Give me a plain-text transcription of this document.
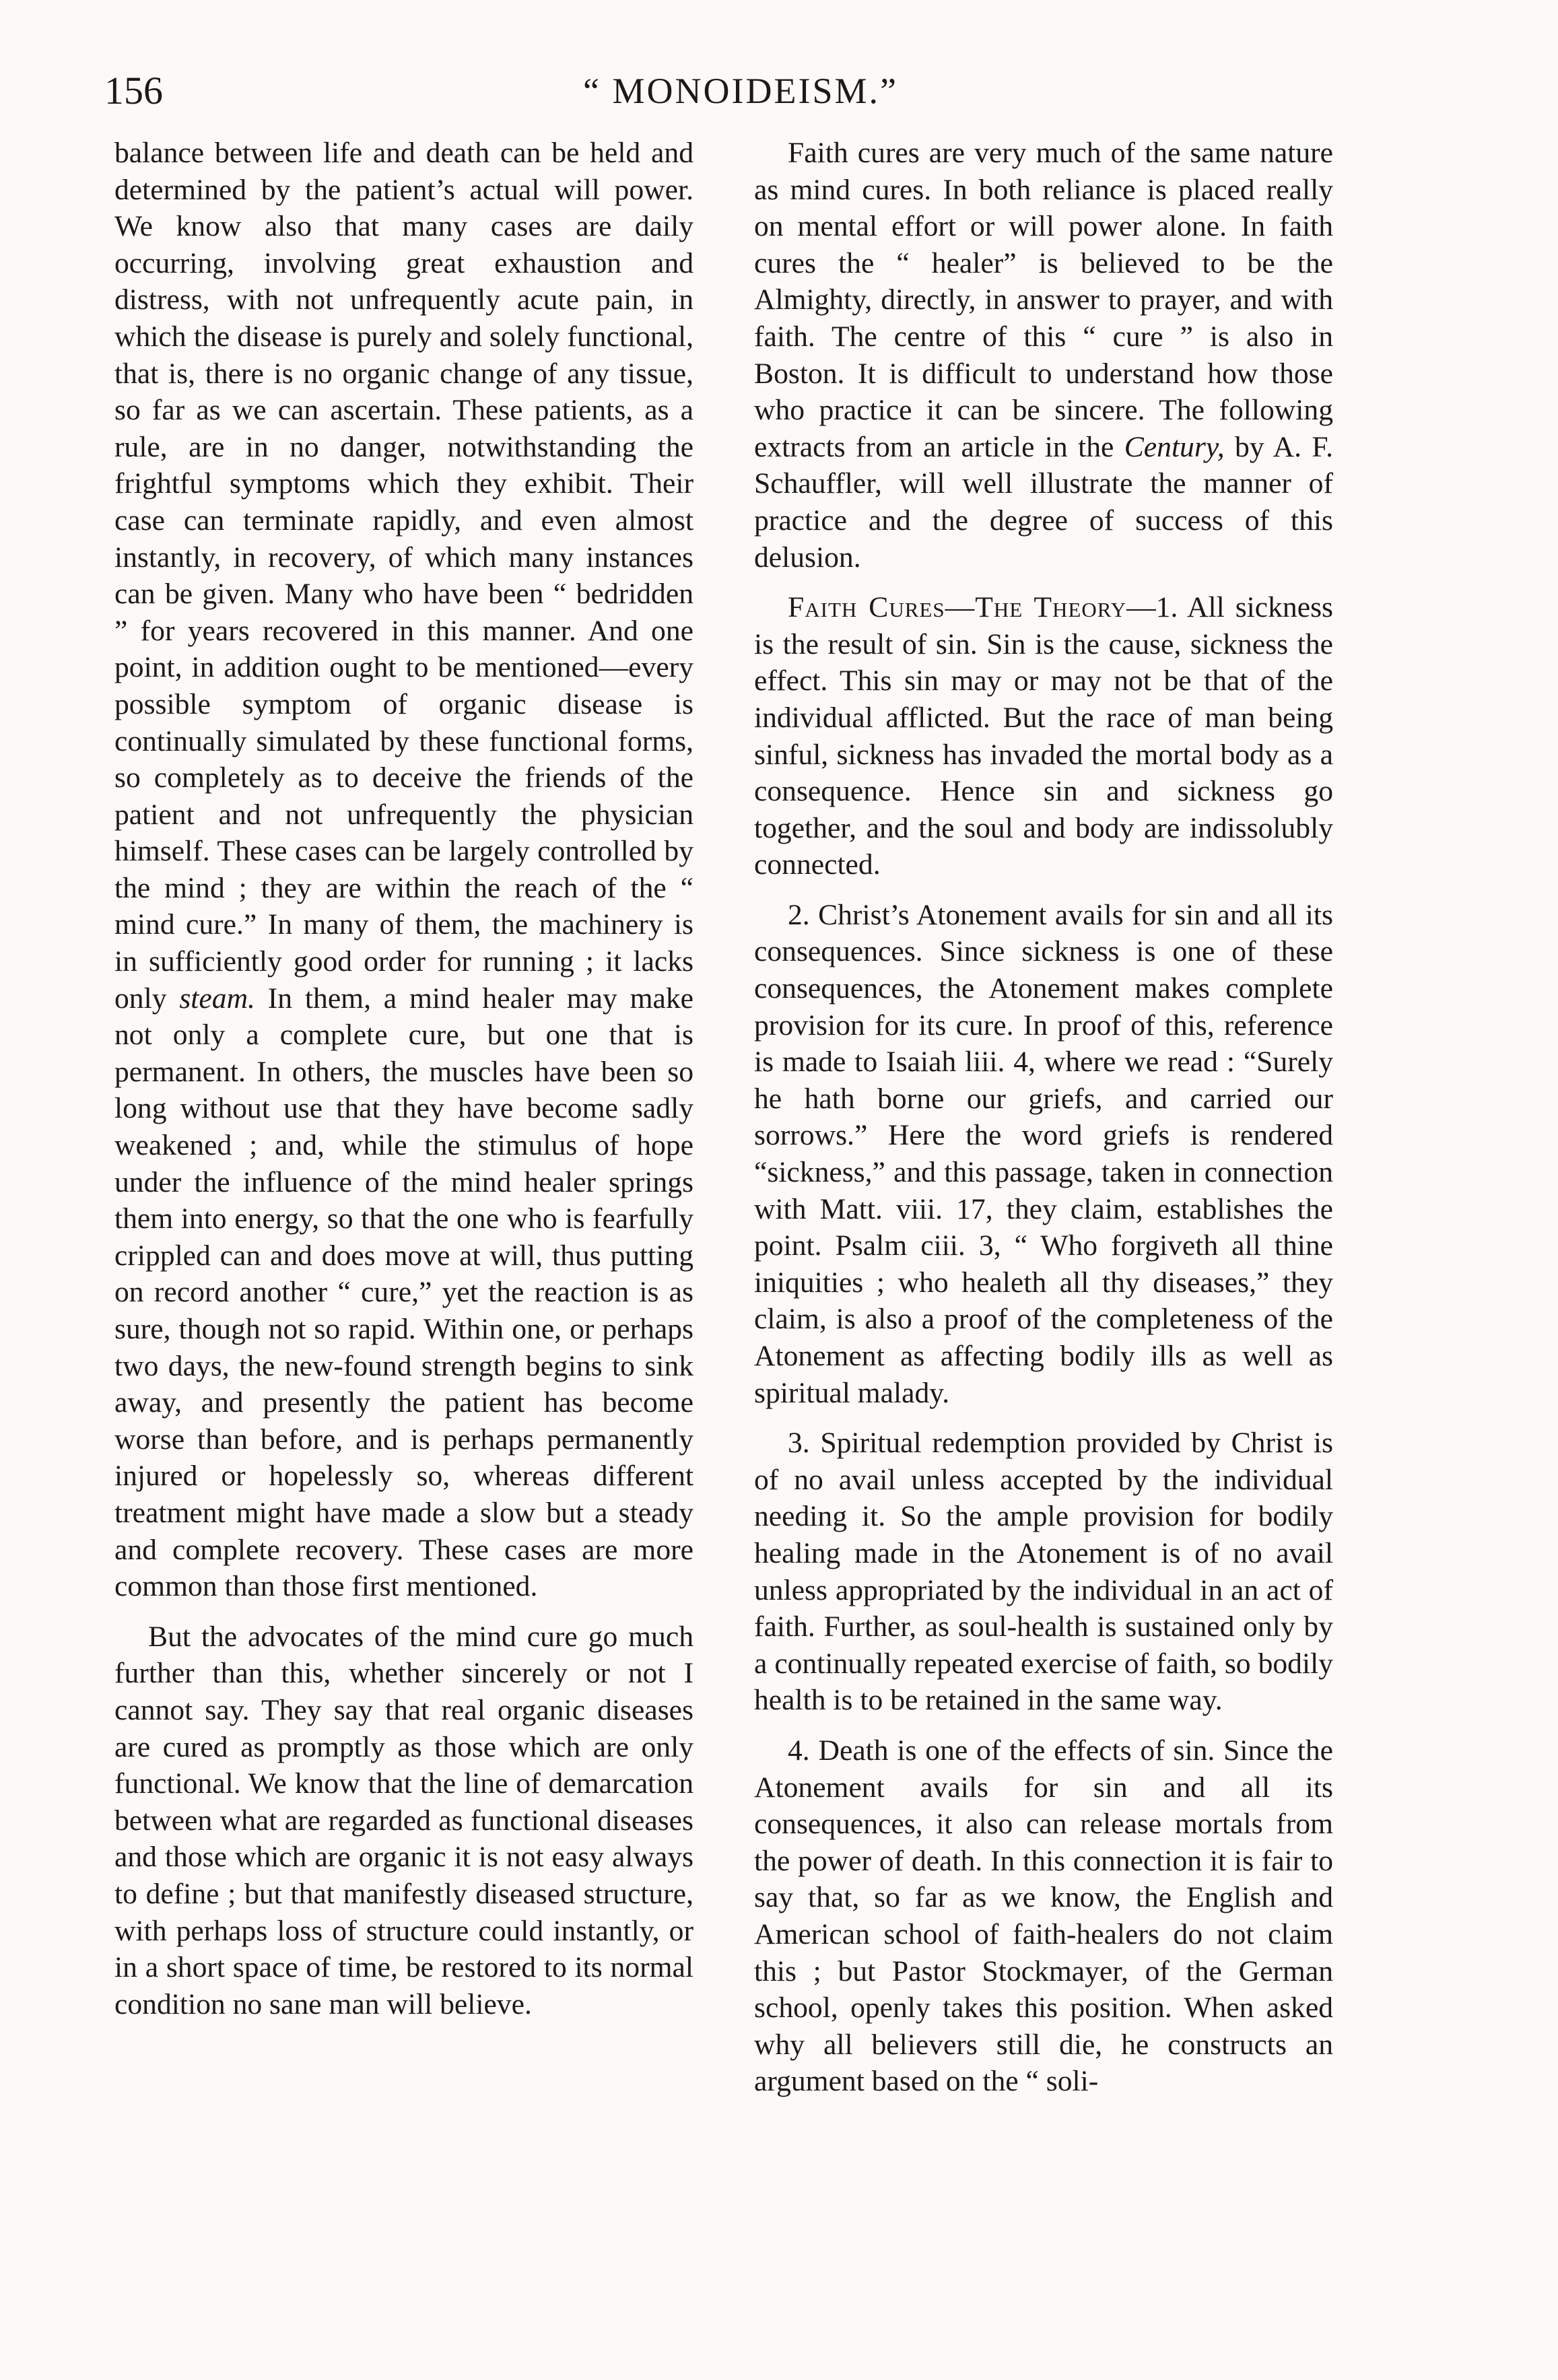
156	“ MONOIDEISM.”

balance between life and death can be held and determined by the patient’s actual will power. We know also that many cases are daily occurring, involving great exhaustion and distress, with not unfrequently acute pain, in which the disease is purely and solely functional, that is, there is no organic change of any tissue, so far as we can ascertain. These patients, as a rule, are in no danger, notwithstanding the frightful symptoms which they exhibit. Their case can terminate rapidly, and even almost instantly, in recovery, of which many instances can be given. Many who have been “ bedridden ” for years recovered in this manner. And one point, in addition ought to be mentioned—every possible symptom of organic disease is continually simulated by these functional forms, so completely as to deceive the friends of the patient and not unfrequently the physician himself. These cases can be largely controlled by the mind ; they are within the reach of the “ mind cure.” In many of them, the machinery is in sufficiently good order for running ; it lacks only steam. In them, a mind healer may make not only a complete cure, but one that is permanent. In others, the muscles have been so long without use that they have become sadly weakened ; and, while the stimulus of hope under the influence of the mind healer springs them into energy, so that the one who is fearfully crippled can and does move at will, thus putting on record another “ cure,” yet the reaction is as sure, though not so rapid. Within one, or perhaps two days, the new-found strength begins to sink away, and presently the patient has become worse than before, and is perhaps permanently injured or hopelessly so, whereas different treatment might have made a slow but a steady and complete recovery. These cases are more common than those first mentioned.

But the advocates of the mind cure go much further than this, whether sincerely or not I cannot say. They say that real organic diseases are cured as promptly as those which are only functional. We know that the line of demarcation between what are regarded as functional diseases and those which are organic it is not easy always to define ; but that manifestly diseased structure, with perhaps loss of structure could instantly, or in a short space of time, be restored to its normal condition no sane man will believe.

Faith cures are very much of the same nature as mind cures. In both reliance is placed really on mental effort or will power alone. In faith cures the “ healer” is believed to be the Almighty, directly, in answer to prayer, and with faith. The centre of this “ cure ” is also in Boston. It is difficult to understand how those who practice it can be sincere. The following extracts from an article in the Century, by A. F. Schauffler, will well illustrate the manner of practice and the degree of success of this delusion.

Faith Cures—The Theory—1. All sickness is the result of sin. Sin is the cause, sickness the effect. This sin may or may not be that of the individual afflicted. But the race of man being sinful, sickness has invaded the mortal body as a consequence. Hence sin and sickness go together, and the soul and body are indissolubly connected.

2. Christ’s Atonement avails for sin and all its consequences. Since sickness is one of these consequences, the Atonement makes complete provision for its cure. In proof of this, reference is made to Isaiah liii. 4, where we read : “Surely he hath borne our griefs, and carried our sorrows.” Here the word griefs is rendered “sickness,” and this passage, taken in connection with Matt. viii. 17, they claim, establishes the point. Psalm ciii. 3, “ Who forgiveth all thine iniquities ; who healeth all thy diseases,” they claim, is also a proof of the completeness of the Atonement as affecting bodily ills as well as spiritual malady.

3. Spiritual redemption provided by Christ is of no avail unless accepted by the individual needing it. So the ample provision for bodily healing made in the Atonement is of no avail unless appropriated by the individual in an act of faith. Further, as soul-health is sustained only by a continually repeated exercise of faith, so bodily health is to be retained in the same way.

4. Death is one of the effects of sin. Since the Atonement avails for sin and all its consequences, it also can release mortals from the power of death. In this connection it is fair to say that, so far as we know, the English and American school of faith-healers do not claim this ; but Pastor Stockmayer, of the German school, openly takes this position. When asked why all believers still die, he constructs an argument based on the “ soli-
